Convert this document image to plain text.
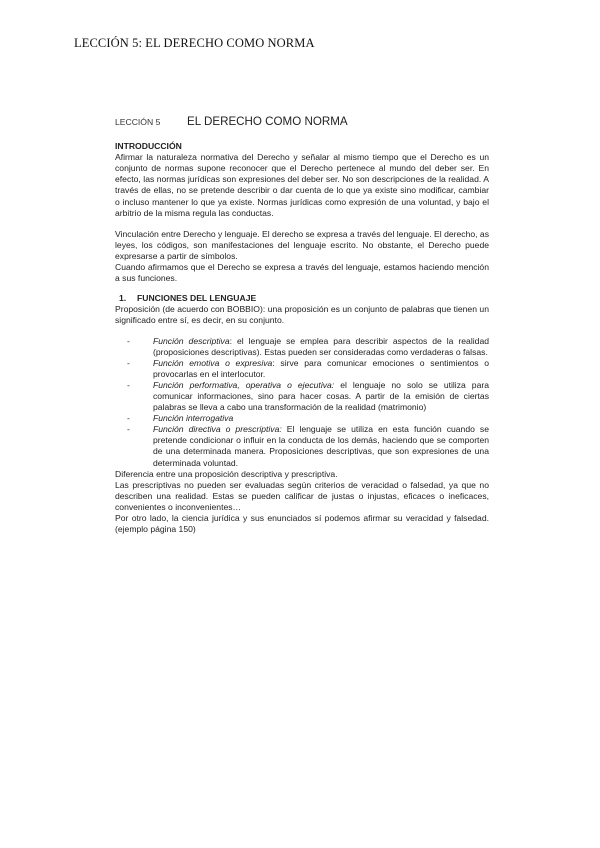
LECCIÓN 5: EL DERECHO COMO NORMA
LECCIÓN 5	EL DERECHO COMO NORMA
INTRODUCCIÓN

Afirmar la naturaleza normativa del Derecho y señalar al mismo tiempo que el Derecho es un conjunto de normas supone reconocer que el Derecho pertenece al mundo del deber ser. En efecto, las normas jurídicas son expresiones del deber ser. No son descripciones de la realidad. A través de ellas, no se pretende describir o dar cuenta de lo que ya existe sino modificar, cambiar o incluso mantener lo que ya existe. Normas jurídicas como expresión de una voluntad, y bajo el arbitrio de la misma regula las conductas.

Vinculación entre Derecho y lenguaje. El derecho se expresa a través del lenguaje. El derecho, as leyes, los códigos, son manifestaciones del lenguaje escrito. No obstante, el Derecho puede expresarse a partir de símbolos.

Cuando afirmamos que el Derecho se expresa a través del lenguaje, estamos haciendo mención a sus funciones.

1.	FUNCIONES DEL LENGUAJE

Proposición (de acuerdo con BOBBIO): una proposición es un conjunto de palabras que tienen un significado entre sí, es decir, en su conjunto.

-	Función descriptiva: el lenguaje se emplea para describir aspectos de la realidad (proposiciones descriptivas). Estas pueden ser consideradas como verdaderas o falsas.
-	Función emotiva o expresiva: sirve para comunicar emociones o sentimientos o provocarlas en el interlocutor.
-	Función performativa, operativa o ejecutiva: el lenguaje no solo se utiliza para comunicar informaciones, sino para hacer cosas. A partir de la emisión de ciertas palabras se lleva a cabo una transformación de la realidad (matrimonio)
-	Función interrogativa
-	Función directiva o prescriptiva: El lenguaje se utiliza en esta función cuando se pretende condicionar o influir en la conducta de los demás, haciendo que se comporten de una determinada manera. Proposiciones descriptivas, que son expresiones de una determinada voluntad.

Diferencia entre una proposición descriptiva y prescriptiva.

Las prescriptivas no pueden ser evaluadas según criterios de veracidad o falsedad, ya que no describen una realidad. Estas se pueden calificar de justas o injustas, eficaces o ineficaces, convenientes o inconvenientes…

Por otro lado, la ciencia jurídica y sus enunciados sí podemos afirmar su veracidad y falsedad. (ejemplo página 150)
